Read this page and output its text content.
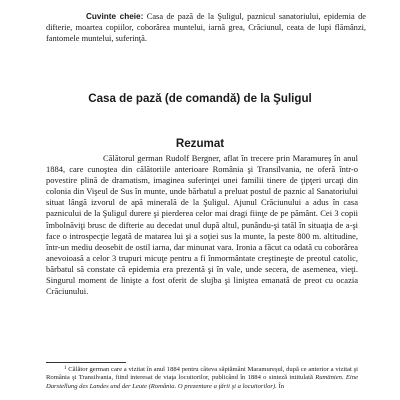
Cuvinte cheie: Casa de pază de la Şuligul, paznicul sanatoriului, epidemia de difterie, moartea copiilor, coborârea muntelui, iarnă grea, Crăciunul, ceata de lupi flămânzi, fantomele muntelui, suferinţă.
Casa de pază (de comandă) de la Şuligul
Rezumat

Călătorul german Rudolf Bergner, aflat în trecere prin Maramureş în anul 1884, care cunoştea din călătoriile anterioare România şi Transilvania, ne oferă într-o povestire plină de dramatism, imaginea suferinţei unei familii tinere de ţipţeri urcaţi din colonia din Vişeul de Sus în munte, unde bărbatul a preluat postul de paznic al Sanatoriului situat lângă izvorul de apă minerală de la Şuligul. Ajunul Crăciunului a adus în casa paznicului de la Şuligul durere şi pierderea celor mai dragi fiinţe de pe pământ. Cei 3 copii îmbolnăviţi brusc de difterie au decedat unul după altul, punându-şi tatăl în situaţia de a-şi face o introspecţie legată de matarea lui şi a soţiei sus la munte, la peste 800 m. altitudine, într-un mediu deosebit de ostil iarna, dar minunat vara. Ironia a făcut ca odată cu coborârea anevoioasă a celor 3 trupuri micuţe pentru a fi înmormântate creştineşte de preotul catolic, bărbatul să constate că epidemia era prezentă şi în vale, unde secera, de asemenea, vieţi. Singurul moment de linişte a fost oferit de slujba şi liniştea emanată de preot cu ocazia Crăciunului.

$^1$ Călător german care a vizitat în anul 1884 pentru câteva săptămâni Maramureşul, după ce anterior a vizitat şi România şi Transilvania, fiind interesat de viaţa locuitorilor, publicând în 1884 o sinteză intitulată Rumänien. Eine Darstellung des Landes und der Leute (România. O prezentare a ţării şi a locuitorilor). În
